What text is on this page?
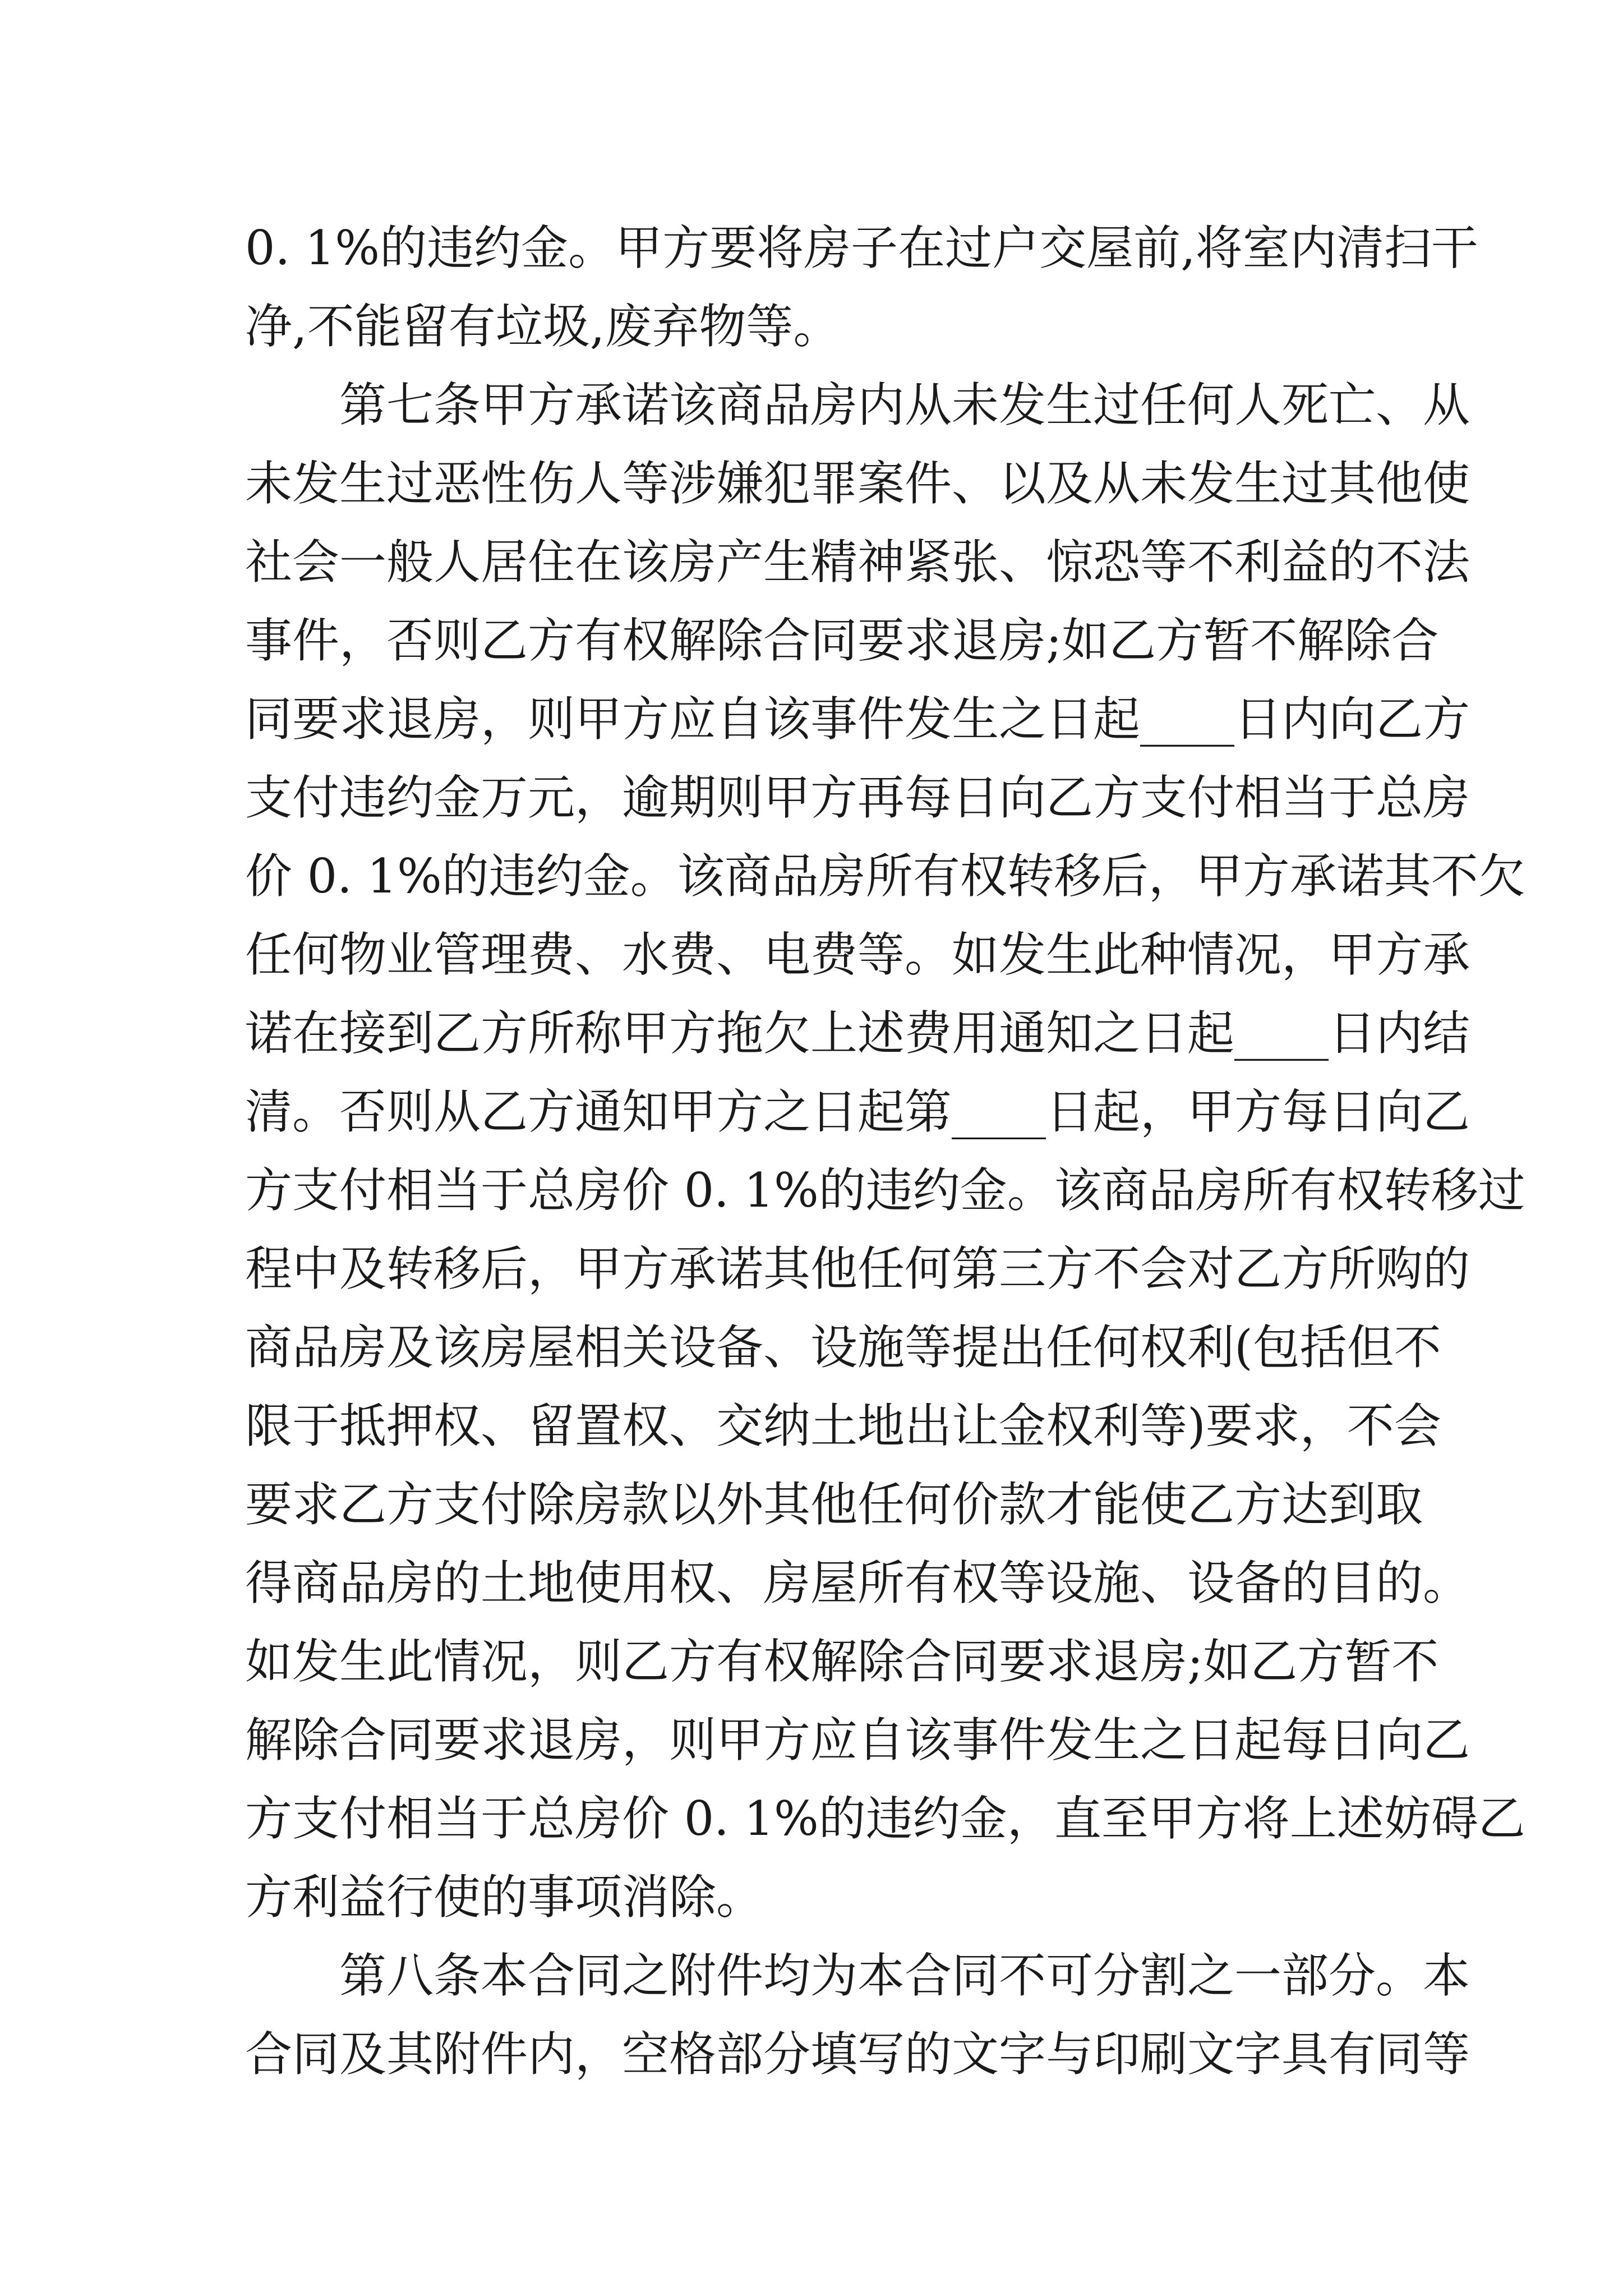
0. 1%的违约金。甲方要将房子在过户交屋前,将室内清扫干
净,不能留有垃圾,废弃物等。
第七条甲方承诺该商品房内从未发生过任何人死亡、从
未发生过恶性伤人等涉嫌犯罪案件、以及从未发生过其他使
社会一般人居住在该房产生精神紧张、惊恐等不利益的不法
事件，否则乙方有权解除合同要求退房;如乙方暂不解除合
同要求退房，则甲方应自该事件发生之日起____日内向乙方
支付违约金万元，逾期则甲方再每日向乙方支付相当于总房
价 0. 1%的违约金。该商品房所有权转移后，甲方承诺其不欠
任何物业管理费、水费、电费等。如发生此种情况，甲方承
诺在接到乙方所称甲方拖欠上述费用通知之日起____日内结
清。否则从乙方通知甲方之日起第____日起，甲方每日向乙
方支付相当于总房价 0. 1%的违约金。该商品房所有权转移过
程中及转移后，甲方承诺其他任何第三方不会对乙方所购的
商品房及该房屋相关设备、设施等提出任何权利(包括但不
限于抵押权、留置权、交纳土地出让金权利等)要求，不会
要求乙方支付除房款以外其他任何价款才能使乙方达到取
得商品房的土地使用权、房屋所有权等设施、设备的目的。
如发生此情况，则乙方有权解除合同要求退房;如乙方暂不
解除合同要求退房，则甲方应自该事件发生之日起每日向乙
方支付相当于总房价 0. 1%的违约金，直至甲方将上述妨碍乙
方利益行使的事项消除。
第八条本合同之附件均为本合同不可分割之一部分。本
合同及其附件内，空格部分填写的文字与印刷文字具有同等
